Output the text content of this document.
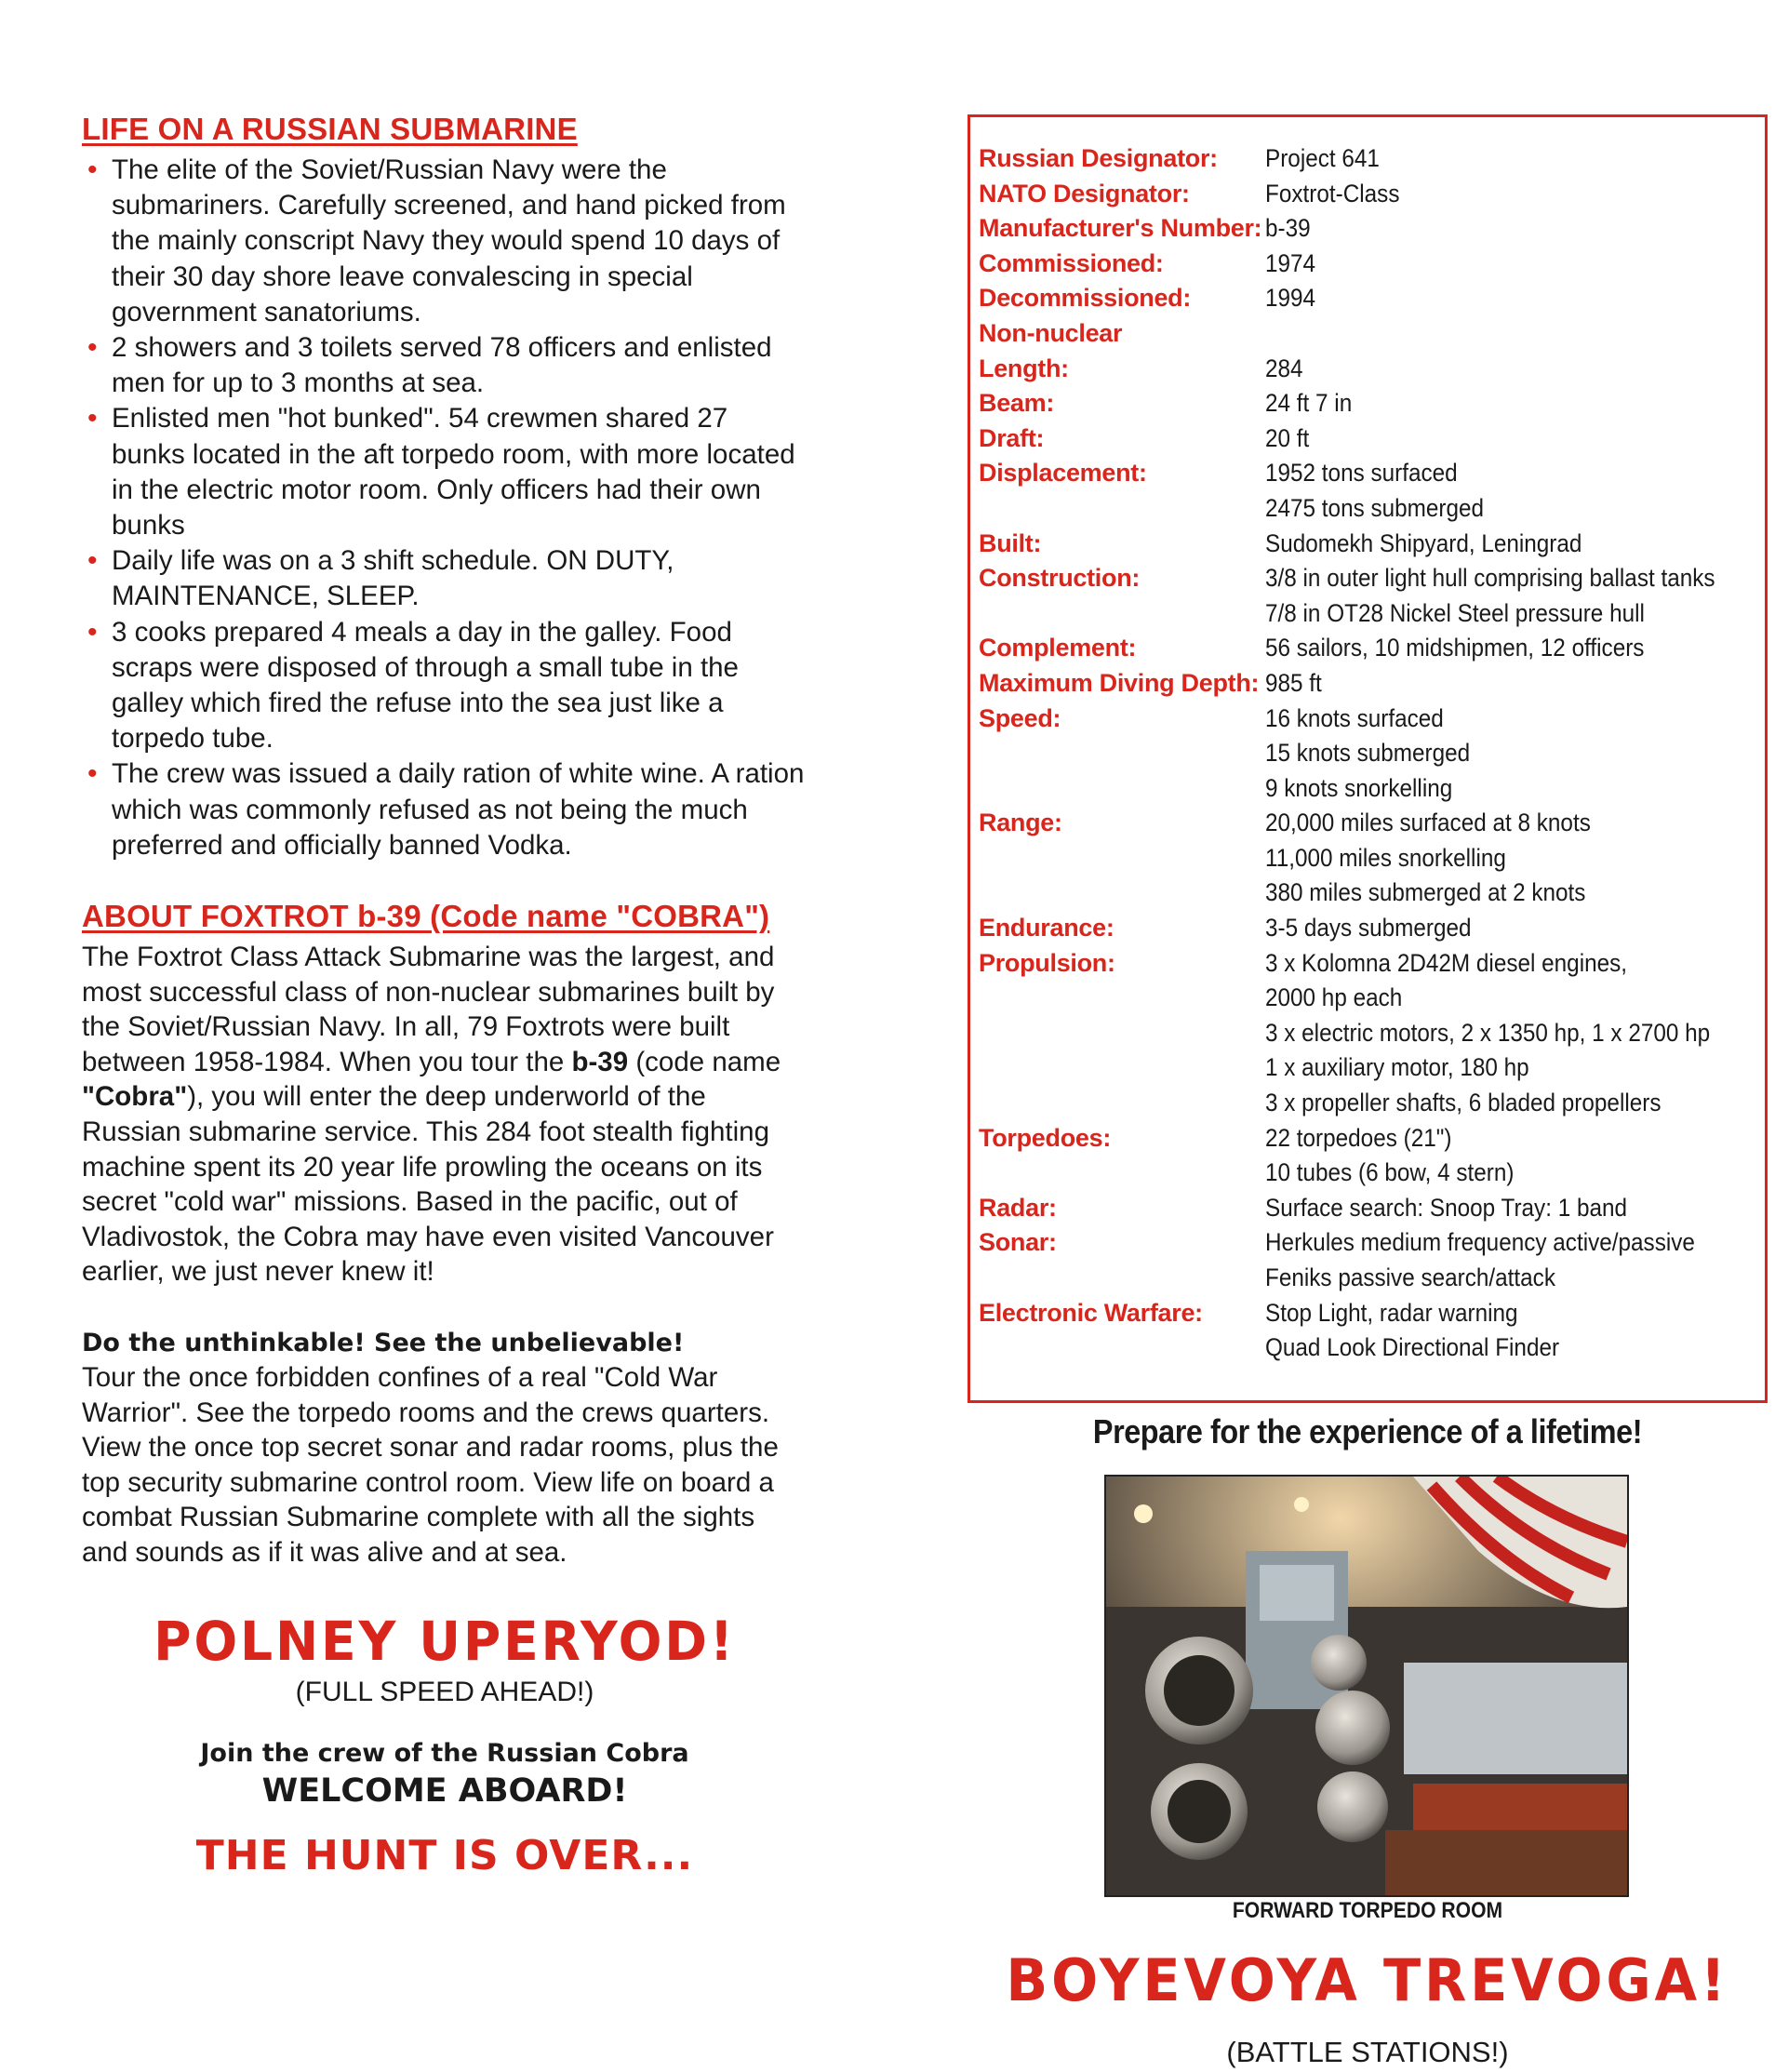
LIFE ON A RUSSIAN SUBMARINE
• The elite of the Soviet/Russian Navy were the submariners. Carefully screened, and hand picked from the mainly conscript Navy they would spend 10 days of their 30 day shore leave convalescing in special government sanatoriums.
• 2 showers and 3 toilets served 78 officers and enlisted men for up to 3 months at sea.
• Enlisted men "hot bunked". 54 crewmen shared 27 bunks located in the aft torpedo room, with more located in the electric motor room. Only officers had their own bunks
• Daily life was on a 3 shift schedule. ON DUTY, MAINTENANCE, SLEEP.
• 3 cooks prepared 4 meals a day in the galley. Food scraps were disposed of through a small tube in the galley which fired the refuse into the sea just like a torpedo tube.
• The crew was issued a daily ration of white wine. A ration which was commonly refused as not being the much preferred and officially banned Vodka.
ABOUT FOXTROT b-39 (Code name "COBRA")

The Foxtrot Class Attack Submarine was the largest, and most successful class of non-nuclear submarines built by the Soviet/Russian Navy. In all, 79 Foxtrots were built between 1958-1984. When you tour the b-39 (code name "Cobra"), you will enter the deep underworld of the Russian submarine service. This 284 foot stealth fighting machine spent its 20 year life prowling the oceans on its secret "cold war" missions. Based in the pacific, out of Vladivostok, the Cobra may have even visited Vancouver earlier, we just never knew it!

Do the unthinkable! See the unbelievable!

Tour the once forbidden confines of a real "Cold War Warrior". See the torpedo rooms and the crews quarters. View the once top secret sonar and radar rooms, plus the top security submarine control room. View life on board a combat Russian Submarine complete with all the sights and sounds as if it was alive and at sea.

POLNEY UPERYOD!

(FULL SPEED AHEAD!)

Join the crew of the Russian Cobra

WELCOME ABOARD!

THE HUNT IS OVER...

Russian Designator:	Project 641
NATO Designator:	Foxtrot-Class
Manufacturer's Number:	b-39
Commissioned:	1974
Decommissioned:	1994
Non-nuclear	
Length:	284
Beam:	24 ft 7 in
Draft:	20 ft
Displacement:	1952 tons surfaced
	2475 tons submerged
Built:	Sudomekh Shipyard, Leningrad
Construction:	3/8 in outer light hull comprising ballast tanks
	7/8 in OT28 Nickel Steel pressure hull
Complement:	56 sailors, 10 midshipmen, 12 officers
Maximum Diving Depth:	985 ft
Speed:	16 knots surfaced
	15 knots submerged
	9 knots snorkelling
Range:	20,000 miles surfaced at 8 knots
	11,000 miles snorkelling
	380 miles submerged at 2 knots
Endurance:	3-5 days submerged
Propulsion:	3 x Kolomna 2D42M diesel engines,
	2000 hp each
	3 x electric motors, 2 x 1350 hp, 1 x 2700 hp
	1 x auxiliary motor, 180 hp
	3 x propeller shafts, 6 bladed propellers
Torpedoes:	22 torpedoes (21")
	10 tubes (6 bow, 4 stern)
Radar:	Surface search: Snoop Tray: 1 band
Sonar:	Herkules medium frequency active/passive
	Feniks passive search/attack
Electronic Warfare:	Stop Light, radar warning
	Quad Look Directional Finder
Prepare for the experience of a lifetime!
FORWARD TORPEDO ROOM
BOYEVOYA TREVOGA!
(BATTLE STATIONS!)
